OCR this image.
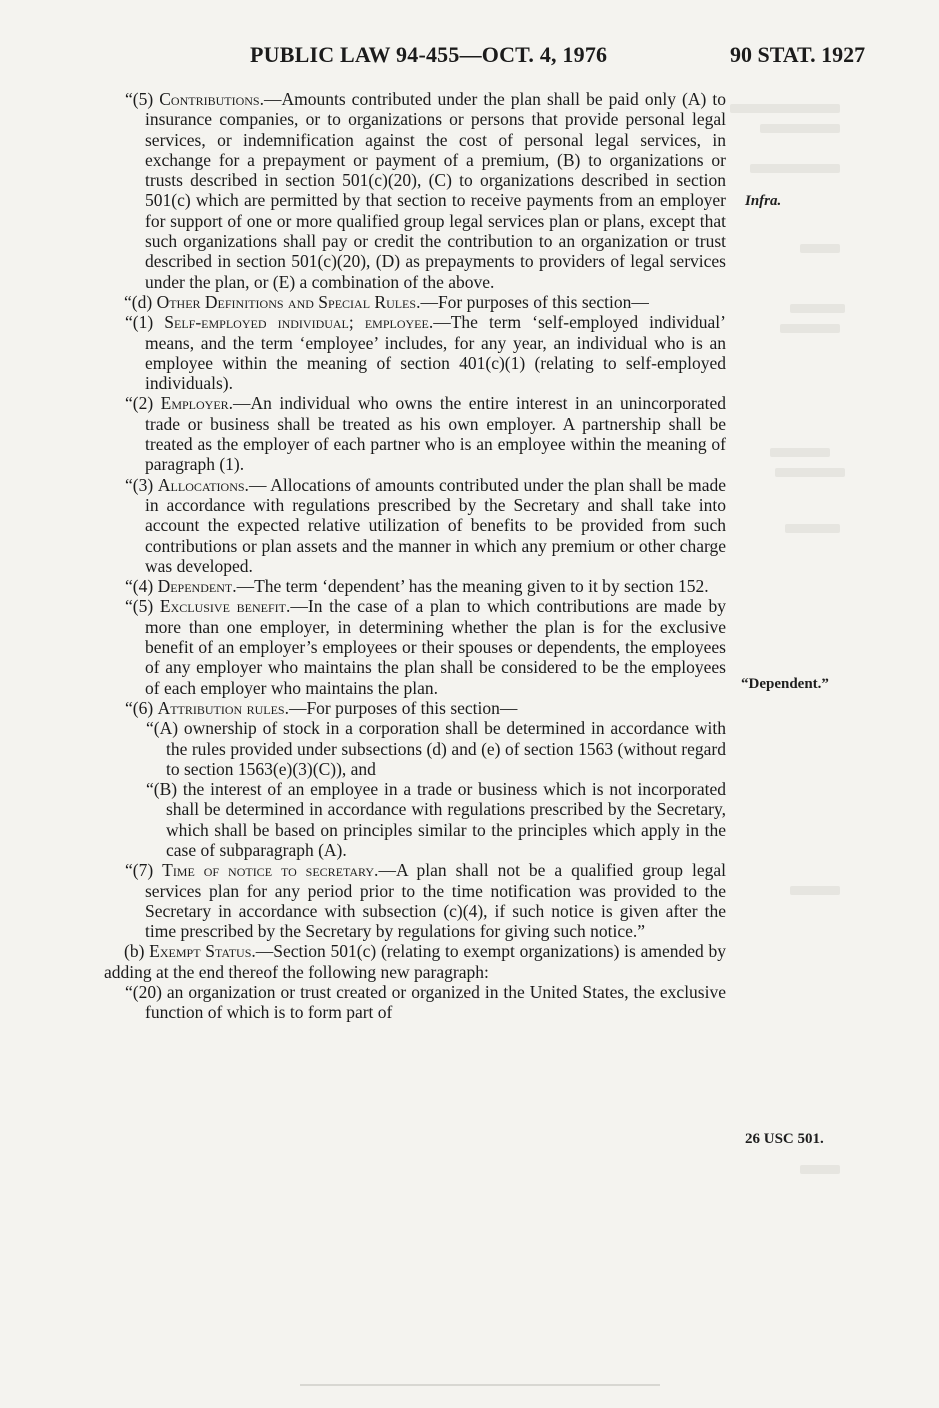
PUBLIC LAW 94-455—OCT. 4, 1976	90 STAT. 1927
Infra.
“Dependent.”
26 USC 501.

“(5) Contributions.—Amounts contributed under the plan shall be paid only (A) to insurance companies, or to organizations or persons that provide personal legal services, or indemnification against the cost of personal legal services, in exchange for a prepayment or payment of a premium, (B) to organizations or trusts described in section 501(c)(20), (C) to organizations described in section 501(c) which are permitted by that section to receive payments from an employer for support of one or more qualified group legal services plan or plans, except that such organizations shall pay or credit the contribution to an organization or trust described in section 501(c)(20), (D) as prepayments to providers of legal services under the plan, or (E) a combination of the above.

“(d) Other Definitions and Special Rules.—For purposes of this section—

“(1) Self-employed individual; employee.—The term ‘self-employed individual’ means, and the term ‘employee’ includes, for any year, an individual who is an employee within the meaning of section 401(c)(1) (relating to self-employed individuals).

“(2) Employer.—An individual who owns the entire interest in an unincorporated trade or business shall be treated as his own employer. A partnership shall be treated as the employer of each partner who is an employee within the meaning of paragraph (1).

“(3) Allocations.— Allocations of amounts contributed under the plan shall be made in accordance with regulations prescribed by the Secretary and shall take into account the expected relative utilization of benefits to be provided from such contributions or plan assets and the manner in which any premium or other charge was developed.

“(4) Dependent.—The term ‘dependent’ has the meaning given to it by section 152.

“(5) Exclusive benefit.—In the case of a plan to which contributions are made by more than one employer, in determining whether the plan is for the exclusive benefit of an employer’s employees or their spouses or dependents, the employees of any employer who maintains the plan shall be considered to be the employees of each employer who maintains the plan.

“(6) Attribution rules.—For purposes of this section—

“(A) ownership of stock in a corporation shall be determined in accordance with the rules provided under subsections (d) and (e) of section 1563 (without regard to section 1563(e)(3)(C)), and

“(B) the interest of an employee in a trade or business which is not incorporated shall be determined in accordance with regulations prescribed by the Secretary, which shall be based on principles similar to the principles which apply in the case of subparagraph (A).

“(7) Time of notice to secretary.—A plan shall not be a qualified group legal services plan for any period prior to the time notification was provided to the Secretary in accordance with subsection (c)(4), if such notice is given after the time prescribed by the Secretary by regulations for giving such notice.”

(b) Exempt Status.—Section 501(c) (relating to exempt organizations) is amended by adding at the end thereof the following new paragraph:

“(20) an organization or trust created or organized in the United States, the exclusive function of which is to form part of
